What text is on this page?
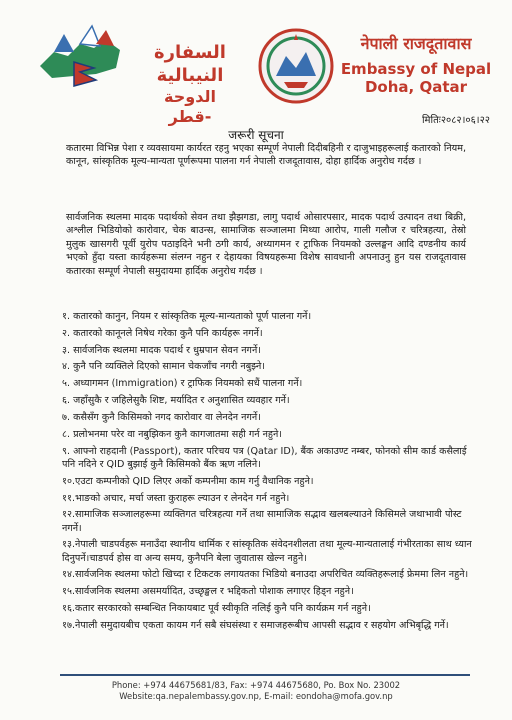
السفارة النيبالية
الدوحة -قطر
नेपाली राजदूतावास
Embassy of Nepal
Doha, Qatar
मितिः२०८२।०६।२२
जरूरी सूचना
कतारमा विभिन्न पेशा र व्यवसायमा कार्यरत रहनु भएका सम्पूर्ण नेपाली दिदीबहिनी र दाजुभाइहरूलाई कतारको नियम, कानून, सांस्कृतिक मूल्य-मान्यता पूर्णरूपमा पालना गर्न नेपाली राजदूतावास, दोहा हार्दिक अनुरोध गर्दछ ।
सार्वजनिक स्थलमा मादक पदार्थको सेवन तथा झैझगडा, लागु पदार्थ ओसारपसार, मादक पदार्थ उत्पादन तथा बिक्री, अश्लील भिडियोको कारोवार, चेक बाउन्स, सामाजिक सञ्जालमा मिथ्या आरोप, गाली गलौज र चरित्रहत्या, तेस्रो मुलुक खासगरी पूर्वी युरोप पठाइदिने भनी ठगी कार्य, अध्यागमन र ट्राफिक नियमको उल्लङ्घन आदि दण्डनीय कार्य भएको हुँदा यस्ता कार्यहरूमा संलग्न नहुन र देहायका विषयहरूमा विशेष सावधानी अपनाउनु हुन यस राजदूतावास कतारका सम्पूर्ण नेपाली समुदायमा हार्दिक अनुरोध गर्दछ ।
१. कतारको कानुन, नियम र सांस्कृतिक मूल्य-मान्यताको पूर्ण पालना गर्ने।
२. कतारको कानूनले निषेध गरेका कुनै पनि कार्यहरू नगर्ने।
३. सार्वजनिक स्थलमा मादक पदार्थ र धुम्रपान सेवन नगर्ने।
४. कुनै पनि व्यक्तिले दिएको सामान चेकजाँच नगरी नबुझ्ने।
५. अध्यागमन (Immigration) र ट्राफिक नियमको सधैं पालना गर्ने।
६. जहाँसुकै र जहिलेसुकै शिष्ट, मर्यादित र अनुशासित व्यवहार गर्ने।
७. कसैसँग कुनै किसिमको नगद कारोवार वा लेनदेन नगर्ने।
८. प्रलोभनमा परेर वा नबुझिकन कुनै कागजातमा सही गर्न नहुने।
९. आफ्नो राहदानी (Passport), कतार परिचय पत्र (Qatar ID), बैंक अकाउण्ट नम्बर, फोनको सीम कार्ड कसैलाई पनि नदिने र QID बुझाई कुनै किसिमको बैंक ऋण नलिने।
१०.एउटा कम्पनीको QID लिएर अर्को कम्पनीमा काम गर्नु वैधानिक नहुने।
११.भाङको अचार, मर्चा जस्ता कुराहरू ल्याउन र लेनदेन गर्न नहुने।
१२.सामाजिक सञ्जालहरूमा व्यक्तिगत चरित्रहत्या गर्ने तथा सामाजिक सद्भाव खलबल्याउने किसिमले जथाभावी पोस्ट नगर्ने।
१३.नेपाली चाडपर्वहरू मनाउँदा स्थानीय धार्मिक र सांस्कृतिक संवेदनशीलता तथा मूल्य-मान्यतालाई गंभीरताका साथ ध्यान दिनुपर्ने।चाडपर्व होस वा अन्य समय, कुनैपनि बेला जुवातास खेल्न नहुने।
१४.सार्वजनिक स्थलमा फोटो खिच्दा र टिकटक लगायतका भिडियो बनाउदा अपरिचित व्यक्तिहरूलाई फ्रेममा लिन नहुने।
१५.सार्वजनिक स्थलमा असमर्यादित, उच्छृङ्खल र भद्दिकतो पोशाक लगाएर हिड्न नहुने।
१६.कतार सरकारको सम्बन्धित निकायबाट पूर्व स्वीकृति नलिई कुनै पनि कार्यक्रम गर्न नहुने।
१७.नेपाली समुदायबीच एकता कायम गर्न सबै संघसंस्था र समाजहरूबीच आपसी सद्भाव र सहयोग अभिबृद्धि गर्ने।
Phone: +974 44675681/83, Fax: +974 44675680, Po. Box No. 23002
Website:qa.nepalembassy.gov.np, E-mail: eondoha@mofa.gov.np
